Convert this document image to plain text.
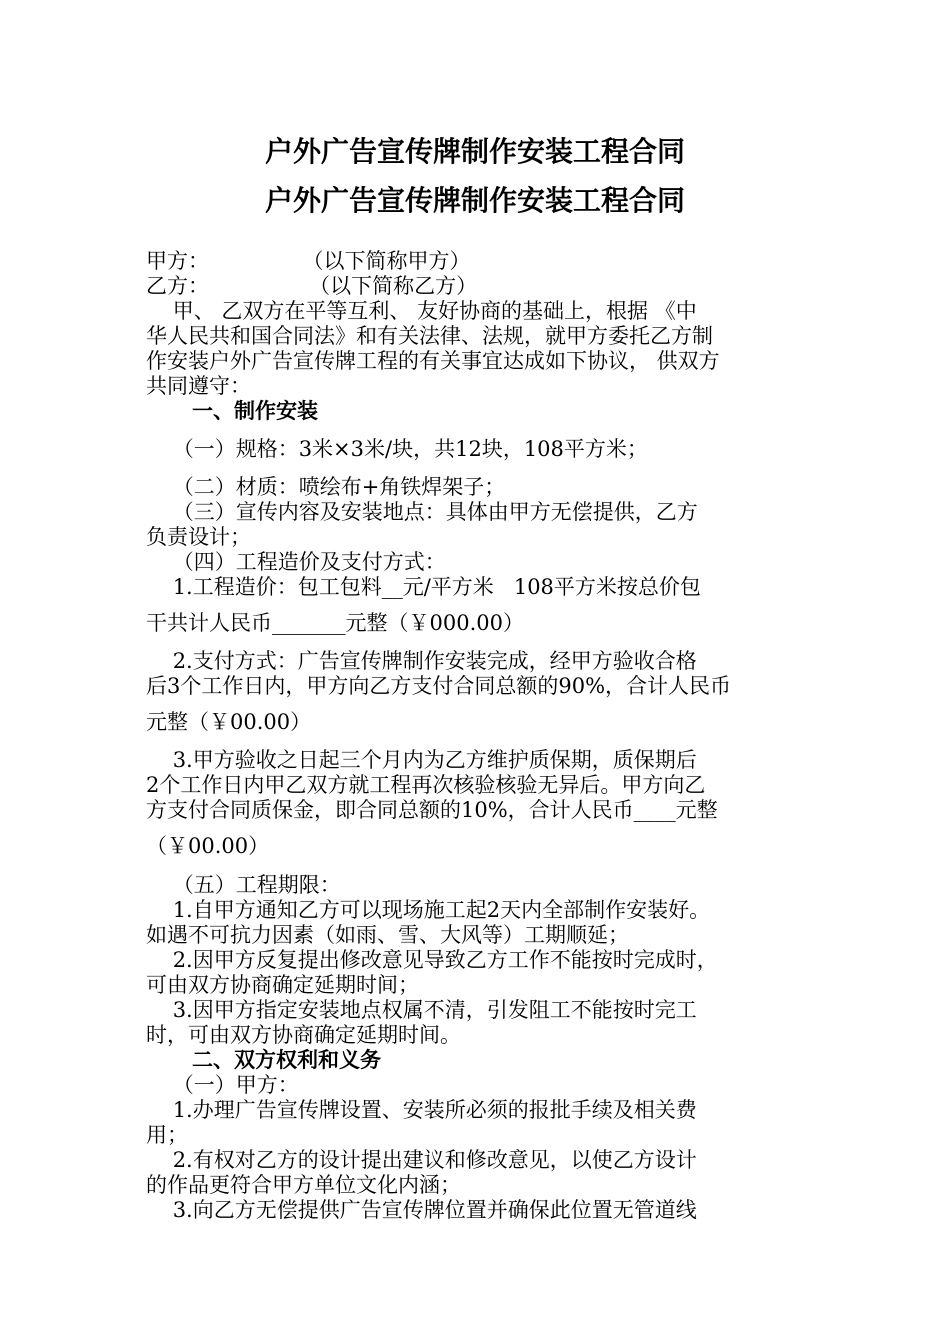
户外广告宣传牌制作安装工程合同
户外广告宣传牌制作安装工程合同
甲方：              （以下简称甲方）
乙方：               （以下简称乙方）
甲、 乙双方在平等互利、 友好协商的基础上，根据 《中
华人民共和国合同法》和有关法律、法规，就甲方委托乙方制
作安装户外广告宣传牌工程的有关事宜达成如下协议， 供双方
共同遵守：
一、制作安装
（一）规格：3米×3米/块，共12块，108平方米；
（二）材质：喷绘布+角铁焊架子；
（三）宣传内容及安装地点：具体由甲方无偿提供，乙方
负责设计；
（四）工程造价及支付方式：
1.工程造价：包工包料__元/平方米   108平方米按总价包
干共计人民币_______元整（￥000.00）
2.支付方式：广告宣传牌制作安装完成，经甲方验收合格
后3个工作日内，甲方向乙方支付合同总额的90%，合计人民币
元整（￥00.00）
3.甲方验收之日起三个月内为乙方维护质保期，质保期后
2个工作日内甲乙双方就工程再次核验核验无异后。甲方向乙
方支付合同质保金，即合同总额的10%，合计人民币____元整
（￥00.00）
（五）工程期限：
1.自甲方通知乙方可以现场施工起2天内全部制作安装好。
如遇不可抗力因素（如雨、雪、大风等）工期顺延；
2.因甲方反复提出修改意见导致乙方工作不能按时完成时，
可由双方协商确定延期时间；
3.因甲方指定安装地点权属不清，引发阻工不能按时完工
时，可由双方协商确定延期时间。
二、双方权利和义务
（一）甲方：
1.办理广告宣传牌设置、安装所必须的报批手续及相关费
用；
2.有权对乙方的设计提出建议和修改意见，以使乙方设计
的作品更符合甲方单位文化内涵；
3.向乙方无偿提供广告宣传牌位置并确保此位置无管道线
